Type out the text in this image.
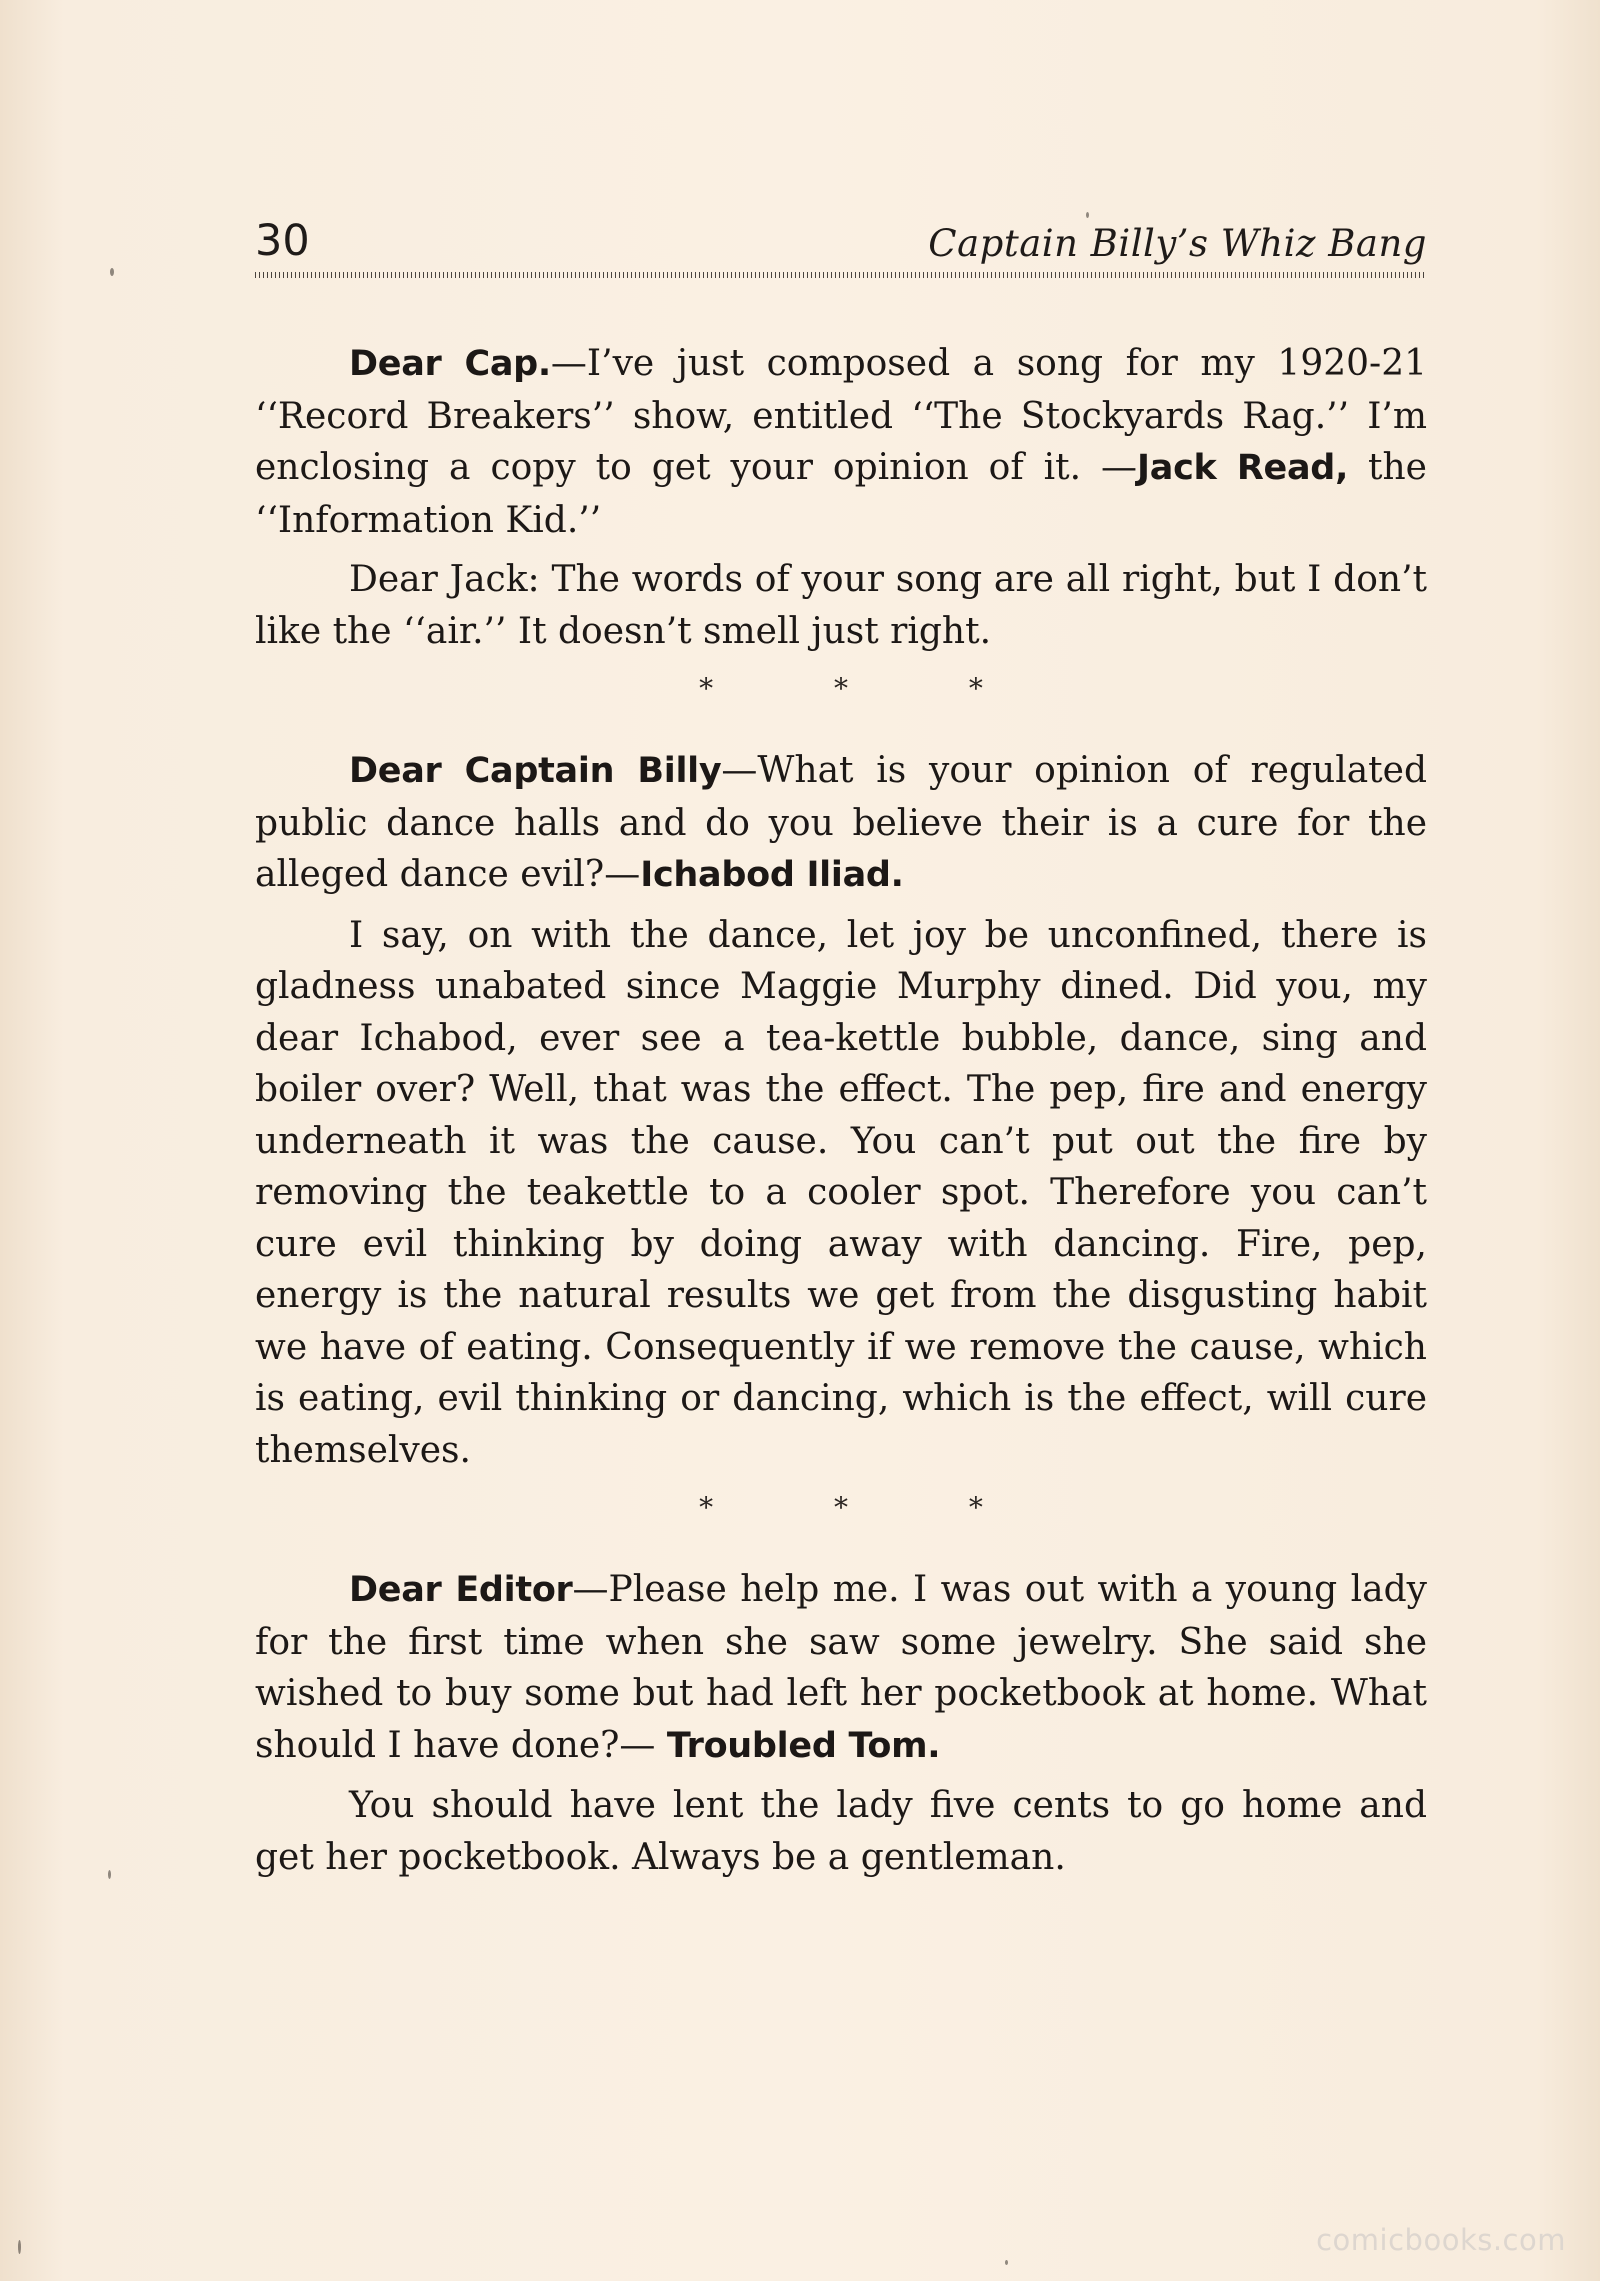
30	Captain Billy’s Whiz Bang

Dear Cap.—I’ve just composed a song for my 1920-21 ‘‘Record Breakers’’ show, entitled ‘‘The Stockyards Rag.’’ I’m enclosing a copy to get your opinion of it. —Jack Read, the ‘‘Information Kid.’’

Dear Jack: The words of your song are all right, but I don’t like the ‘‘air.’’ It doesn’t smell just right.

* * *

Dear Captain Billy—What is your opinion of regulated public dance halls and do you believe their is a cure for the alleged dance evil?—Ichabod Iliad.

I say, on with the dance, let joy be unconfined, there is gladness unabated since Maggie Murphy dined. Did you, my dear Ichabod, ever see a tea-kettle bubble, dance, sing and boiler over? Well, that was the effect. The pep, fire and energy underneath it was the cause. You can’t put out the fire by removing the teakettle to a cooler spot. Therefore you can’t cure evil thinking by doing away with dancing. Fire, pep, energy is the natural results we get from the disgusting habit we have of eating. Consequently if we remove the cause, which is eating, evil thinking or dancing, which is the effect, will cure themselves.

* * *

Dear Editor—Please help me. I was out with a young lady for the first time when she saw some jewelry. She said she wished to buy some but had left her pocketbook at home. What should I have done?— Troubled Tom.

You should have lent the lady five cents to go home and get her pocketbook. Always be a gentleman.

comicbooks.com
